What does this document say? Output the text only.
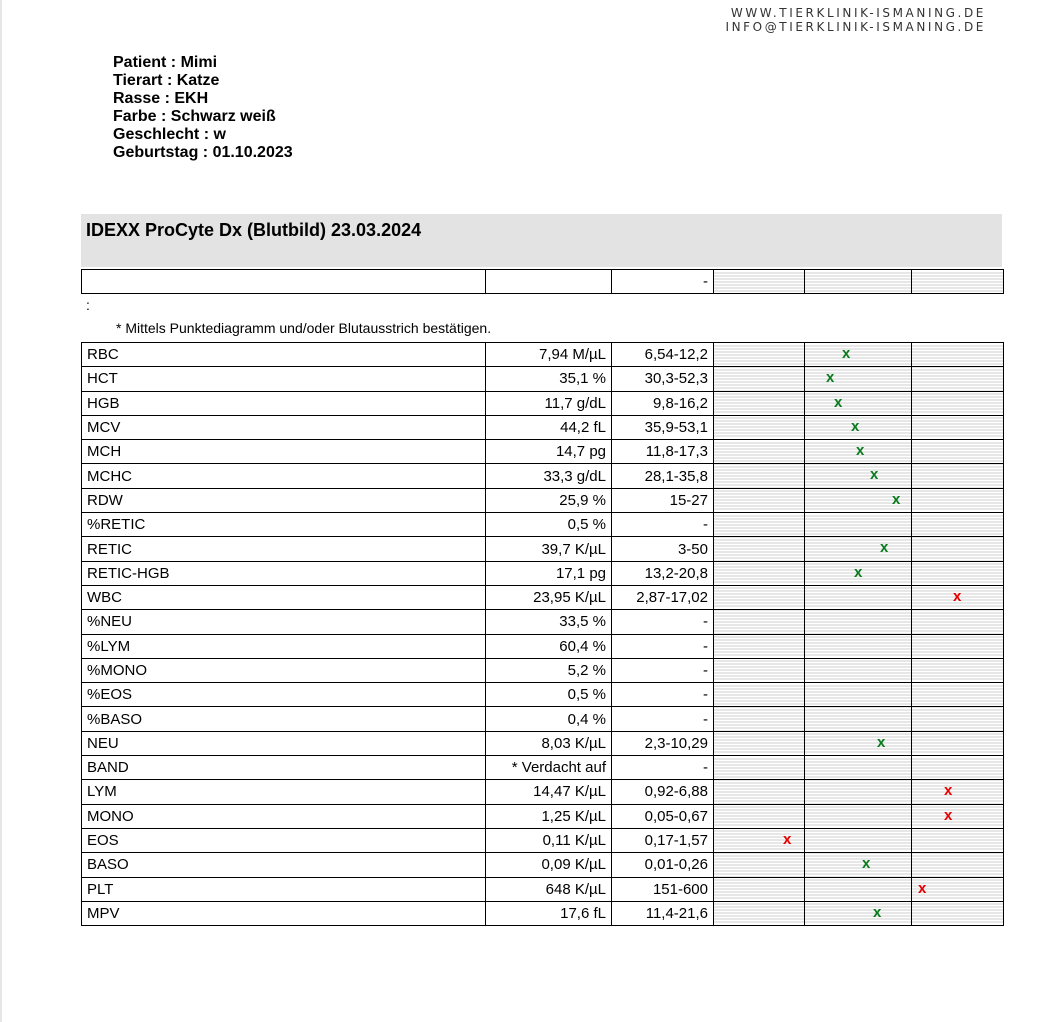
WWW.TIERKLINIK-ISMANING.DE
INFO@TIERKLINIK-ISMANING.DE
Patient : Mimi
Tierart : Katze
Rasse : EKH
Farbe : Schwarz weiß
Geschlecht : w
Geburtstag : 01.10.2023
IDEXX ProCyte Dx (Blutbild) 23.03.2024
		-			
:
* Mittels Punktediagramm und/oder Blutausstrich bestätigen.
RBC	7,94 M/µL	6,54-12,2		x	

HCT	35,1 %	30,3-52,3		x	

HGB	11,7 g/dL	9,8-16,2		x	

MCV	44,2 fL	35,9-53,1		x	

MCH	14,7 pg	11,8-17,3		x	

MCHC	33,3 g/dL	28,1-35,8		x	

RDW	25,9 %	15-27		x	

%RETIC	0,5 %	-			
RETIC	39,7 K/µL	3-50		x	

RETIC-HGB	17,1 pg	13,2-20,8		x	

WBC	23,95 K/µL	2,87-17,02			x

%NEU	33,5 %	-			
%LYM	60,4 %	-			
%MONO	5,2 %	-			
%EOS	0,5 %	-			
%BASO	0,4 %	-			
NEU	8,03 K/µL	2,3-10,29		x	

BAND	* Verdacht auf	-			
LYM	14,47 K/µL	0,92-6,88			x

MONO	1,25 K/µL	0,05-0,67			x

EOS	0,11 K/µL	0,17-1,57	x		

BASO	0,09 K/µL	0,01-0,26		x	

PLT	648 K/µL	151-600			x

MPV	17,6 fL	11,4-21,6		x	
